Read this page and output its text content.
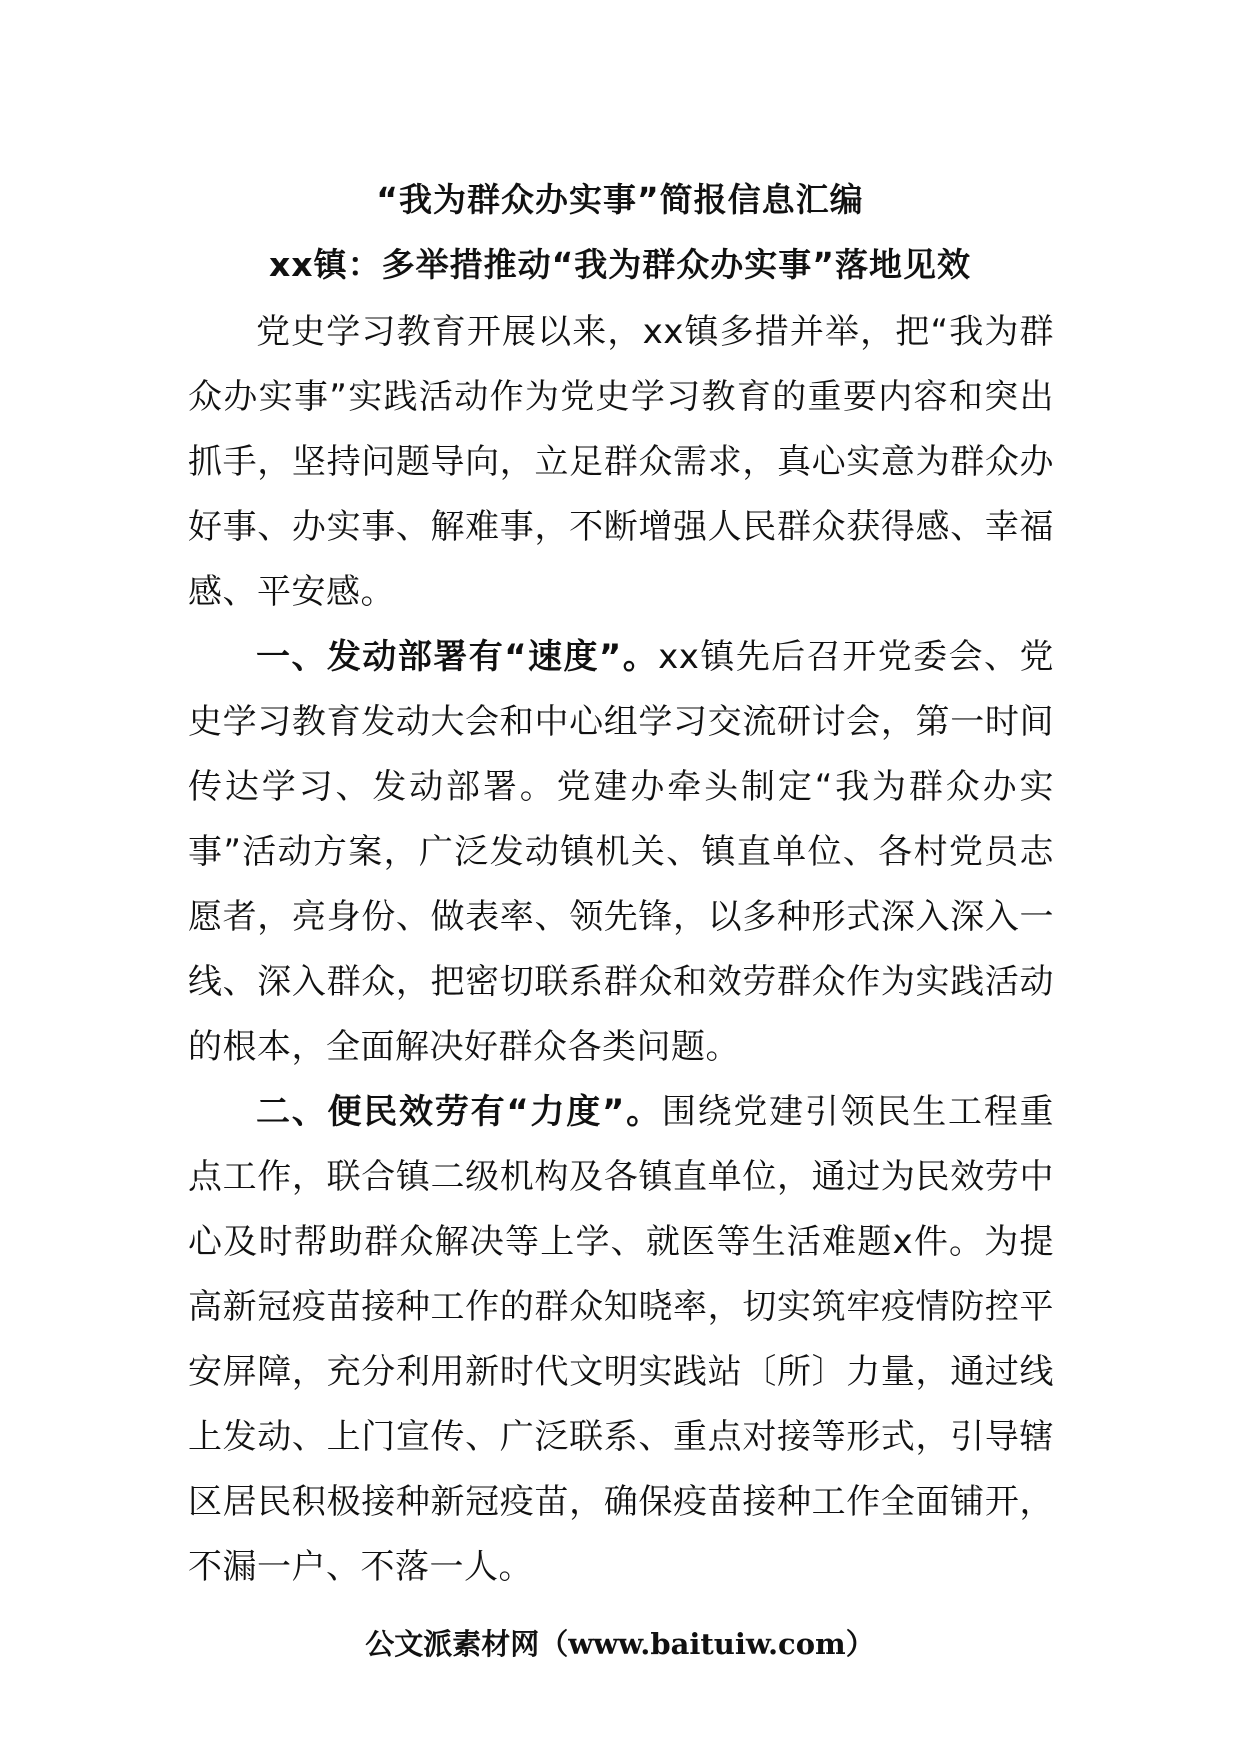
“我为群众办实事”简报信息汇编
xx镇：多举措推动“我为群众办实事”落地见效

党史学习教育开展以来，xx镇多措并举，把“我为群众办实事”实践活动作为党史学习教育的重要内容和突出抓手，坚持问题导向，立足群众需求，真心实意为群众办好事、办实事、解难事，不断增强人民群众获得感、幸福感、平安感。

一、发动部署有“速度”。xx镇先后召开党委会、党史学习教育发动大会和中心组学习交流研讨会，第一时间传达学习、发动部署。党建办牵头制定“我为群众办实事”活动方案，广泛发动镇机关、镇直单位、各村党员志愿者，亮身份、做表率、领先锋，以多种形式深入深入一线、深入群众，把密切联系群众和效劳群众作为实践活动的根本，全面解决好群众各类问题。

二、便民效劳有“力度”。围绕党建引领民生工程重点工作，联合镇二级机构及各镇直单位，通过为民效劳中心及时帮助群众解决等上学、就医等生活难题x件。为提高新冠疫苗接种工作的群众知晓率，切实筑牢疫情防控平安屏障，充分利用新时代文明实践站〔所〕力量，通过线上发动、上门宣传、广泛联系、重点对接等形式，引导辖区居民积极接种新冠疫苗，确保疫苗接种工作全面铺开，不漏一户、不落一人。

公文派素材网（www.baituiw.com）
